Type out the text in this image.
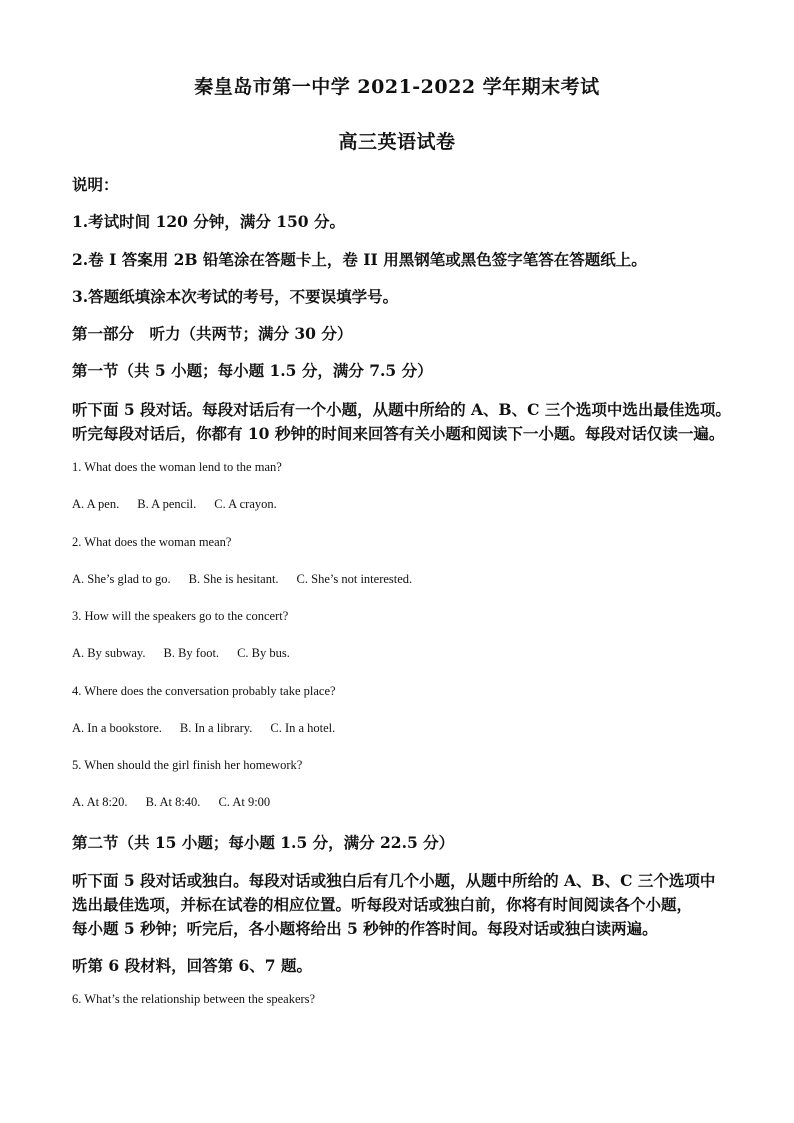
秦皇岛市第一中学 2021-2022 学年期末考试
高三英语试卷
说明：
1.考试时间 120 分钟，满分 150 分。
2.卷 I 答案用 2B 铅笔涂在答题卡上，卷 II 用黑钢笔或黑色签字笔答在答题纸上。
3.答题纸填涂本次考试的考号，不要误填学号。
第一部分　听力（共两节；满分 30 分）
第一节（共 5 小题；每小题 1.5 分，满分 7.5 分）
听下面 5 段对话。每段对话后有一个小题，从题中所给的 A、B、C 三个选项中选出最佳选项。
听完每段对话后，你都有 10 秒钟的时间来回答有关小题和阅读下一小题。每段对话仅读一遍。
1. What does the woman lend to the man?
A. A pen. B. A pencil. C. A crayon.
2. What does the woman mean?
A. She’s glad to go. B. She is hesitant. C. She’s not interested.
3. How will the speakers go to the concert?
A. By subway. B. By foot. C. By bus.
4. Where does the conversation probably take place?
A. In a bookstore. B. In a library. C. In a hotel.
5. When should the girl finish her homework?
A. At 8:20. B. At 8:40. C. At 9:00
第二节（共 15 小题；每小题 1.5 分，满分 22.5 分）
听下面 5 段对话或独白。每段对话或独白后有几个小题，从题中所给的 A、B、C 三个选项中
选出最佳选项，并标在试卷的相应位置。听每段对话或独白前，你将有时间阅读各个小题，
每小题 5 秒钟；听完后，各小题将给出 5 秒钟的作答时间。每段对话或独白读两遍。
听第 6 段材料，回答第 6、7 题。
6. What’s the relationship between the speakers?
